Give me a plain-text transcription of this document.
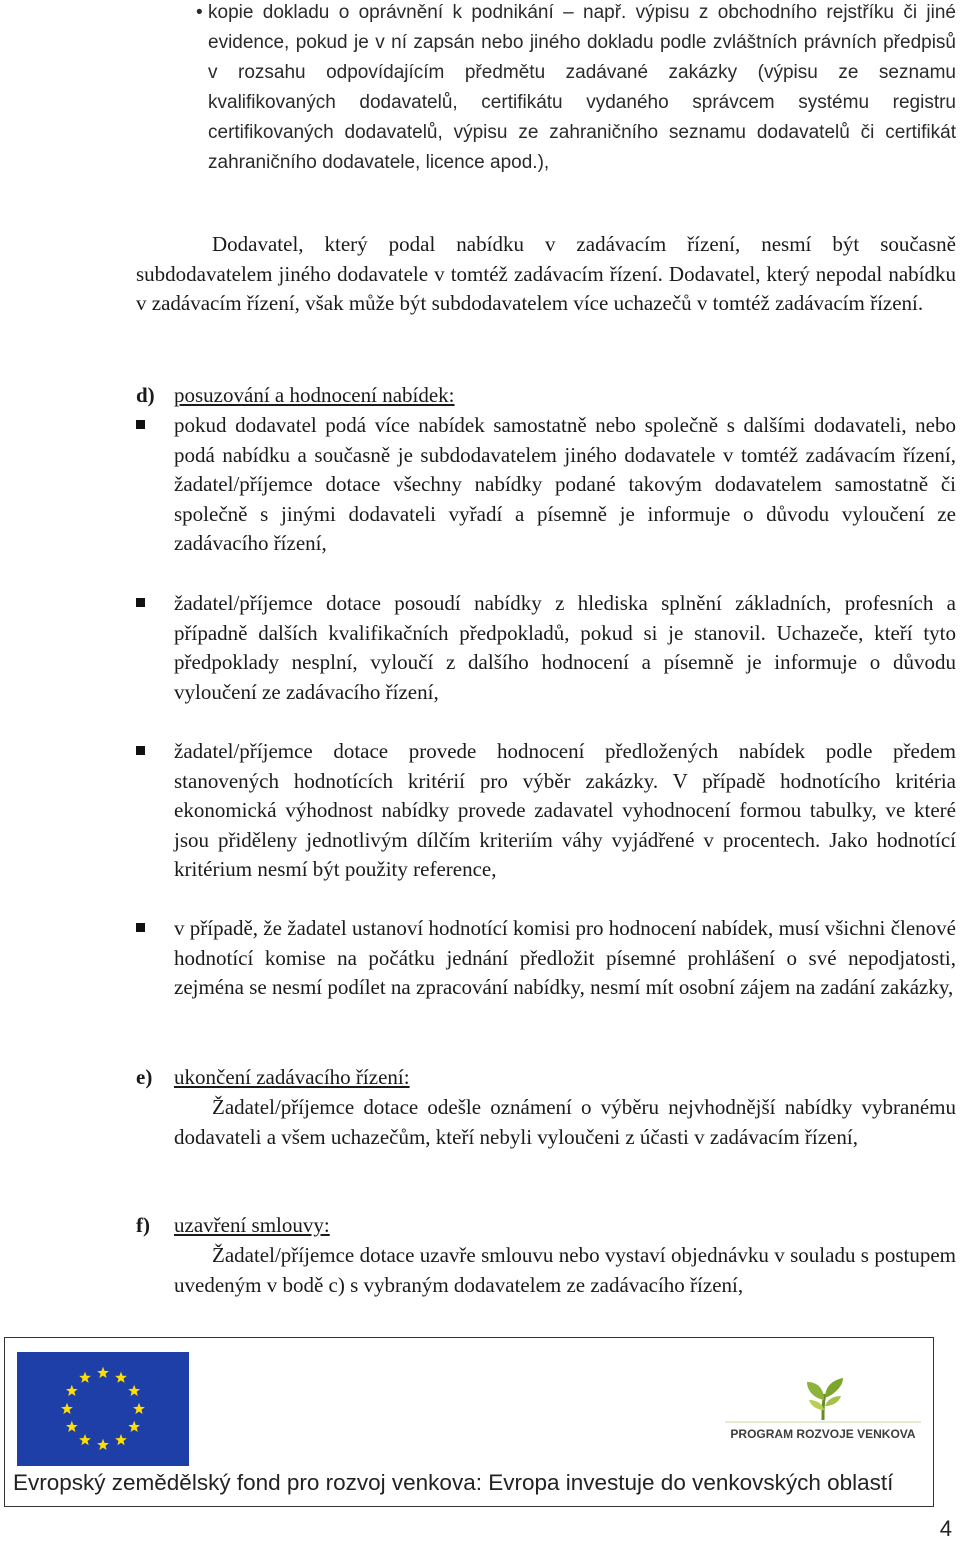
• kopie dokladu o oprávnění k podnikání – např. výpisu z obchodního rejstříku či jiné evidence, pokud je v ní zapsán nebo jiného dokladu podle zvláštních právních předpisů v rozsahu odpovídajícím předmětu zadávané zakázky (výpisu ze seznamu kvalifikovaných dodavatelů, certifikátu vydaného správcem systému registru certifikovaných dodavatelů, výpisu ze zahraničního seznamu dodavatelů či certifikát zahraničního dodavatele, licence apod.),
Dodavatel, který podal nabídku v zadávacím řízení, nesmí být současně subdodavatelem jiného dodavatele v tomtéž zadávacím řízení. Dodavatel, který nepodal nabídku v zadávacím řízení, však může být subdodavatelem více uchazečů v tomtéž zadávacím řízení.
d) posuzování a hodnocení nabídek:
pokud dodavatel podá více nabídek samostatně nebo společně s dalšími dodavateli, nebo podá nabídku a současně je subdodavatelem jiného dodavatele v tomtéž zadávacím řízení, žadatel/příjemce dotace všechny nabídky podané takovým dodavatelem samostatně či společně s jinými dodavateli vyřadí a písemně je informuje o důvodu vyloučení ze zadávacího řízení,
žadatel/příjemce dotace posoudí nabídky z hlediska splnění základních, profesních a případně dalších kvalifikačních předpokladů, pokud si je stanovil. Uchazeče, kteří tyto předpoklady nesplní, vyloučí z dalšího hodnocení a písemně je informuje o důvodu vyloučení ze zadávacího řízení,
žadatel/příjemce dotace provede hodnocení předložených nabídek podle předem stanovených hodnotících kritérií pro výběr zakázky. V případě hodnotícího kritéria ekonomická výhodnost nabídky provede zadavatel vyhodnocení formou tabulky, ve které jsou přiděleny jednotlivým dílčím kriteriím váhy vyjádřené v procentech. Jako hodnotící kritérium nesmí být použity reference,
v případě, že žadatel ustanoví hodnotící komisi pro hodnocení nabídek, musí všichni členové hodnotící komise na počátku jednání předložit písemné prohlášení o své nepodjatosti, zejména se nesmí podílet na zpracování nabídky, nesmí mít osobní zájem na zadání zakázky,
e) ukončení zadávacího řízení:
Žadatel/příjemce dotace odešle oznámení o výběru nejvhodnější nabídky vybranému dodavateli a všem uchazečům, kteří nebyli vyloučeni z účasti v zadávacím řízení,
f) uzavření smlouvy:
Žadatel/příjemce dotace uzavře smlouvu nebo vystaví objednávku v souladu s postupem uvedeným v bodě c) s vybraným dodavatelem ze zadávacího řízení,
PROGRAM ROZVOJE VENKOVA
Evropský zemědělský fond pro rozvoj venkova: Evropa investuje do venkovských oblastí
4
